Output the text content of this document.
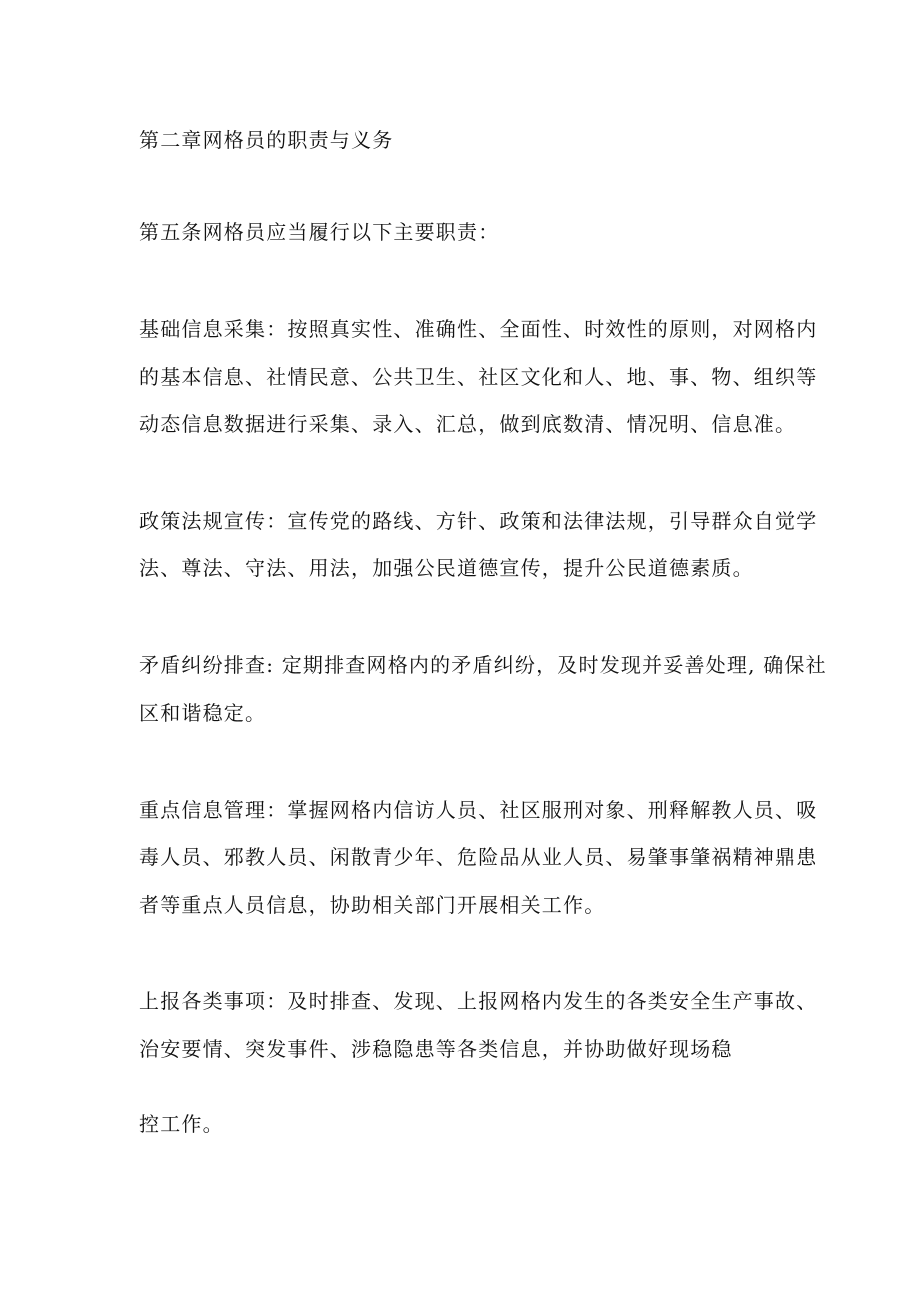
第二章网格员的职责与义务
第五条网格员应当履行以下主要职责：
基础信息采集：按照真实性、准确性、全面性、时效性的原则，对网格内
的基本信息、社情民意、公共卫生、社区文化和人、地、事、物、组织等
动态信息数据进行采集、录入、汇总，做到底数清、情况明、信息准。
政策法规宣传：宣传党的路线、方针、政策和法律法规，引导群众自觉学
法、尊法、守法、用法，加强公民道德宣传，提升公民道德素质。
矛盾纠纷排查: 定期排查网格内的矛盾纠纷，及时发现并妥善处理, 确保社
区和谐稳定。
重点信息管理：掌握网格内信访人员、社区服刑对象、刑释解教人员、吸
毒人员、邪教人员、闲散青少年、危险品从业人员、易肇事肇祸精神鼎患
者等重点人员信息，协助相关部门开展相关工作。
上报各类事项：及时排查、发现、上报网格内发生的各类安全生产事故、
治安要情、突发事件、涉稳隐患等各类信息，并协助做好现场稳
控工作。
